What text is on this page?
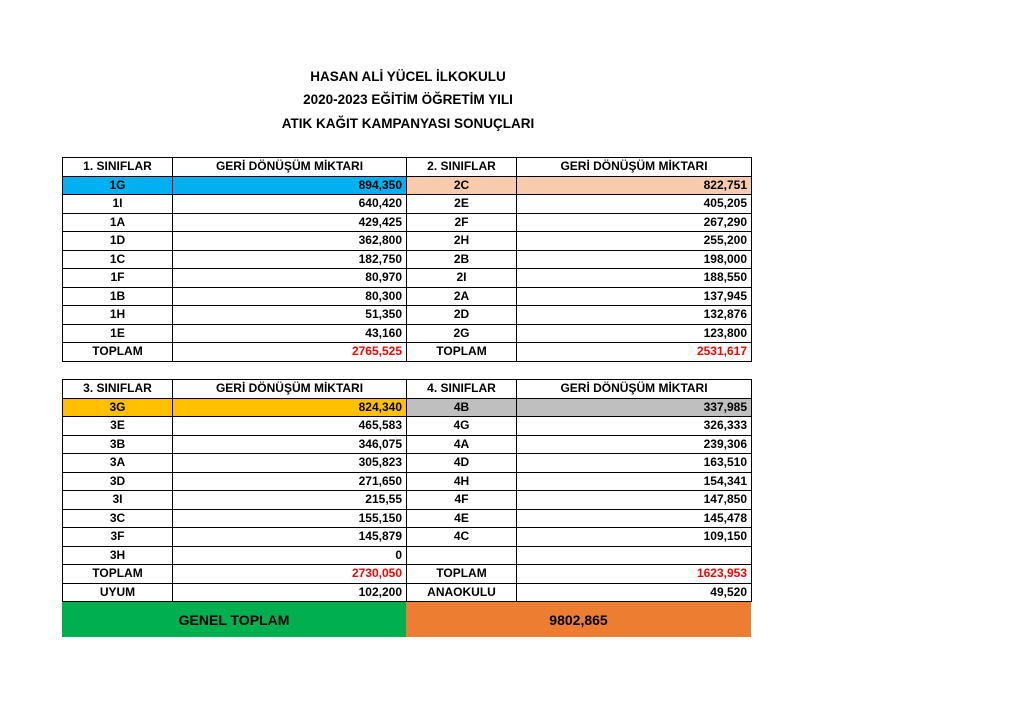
HASAN ALİ YÜCEL İLKOKULU
2020-2023 EĞİTİM ÖĞRETİM YILI
ATIK KAĞIT KAMPANYASI SONUÇLARI
1. SINIFLAR	GERİ DÖNÜŞÜM MİKTARI	2. SINIFLAR	GERİ DÖNÜŞÜM MİKTARI
1G	894,350	2C	822,751
1I	640,420	2E	405,205
1A	429,425	2F	267,290
1D	362,800	2H	255,200
1C	182,750	2B	198,000
1F	80,970	2I	188,550
1B	80,300	2A	137,945
1H	51,350	2D	132,876
1E	43,160	2G	123,800
TOPLAM	2765,525	TOPLAM	2531,617
3. SINIFLAR	GERİ DÖNÜŞÜM MİKTARI	4. SINIFLAR	GERİ DÖNÜŞÜM MİKTARI
3G	824,340	4B	337,985
3E	465,583	4G	326,333
3B	346,075	4A	239,306
3A	305,823	4D	163,510
3D	271,650	4H	154,341
3I	215,55	4F	147,850
3C	155,150	4E	145,478
3F	145,879	4C	109,150
3H	0		
TOPLAM	2730,050	TOPLAM	1623,953
UYUM	102,200	ANAOKULU	49,520
GENEL TOPLAM	9802,865
